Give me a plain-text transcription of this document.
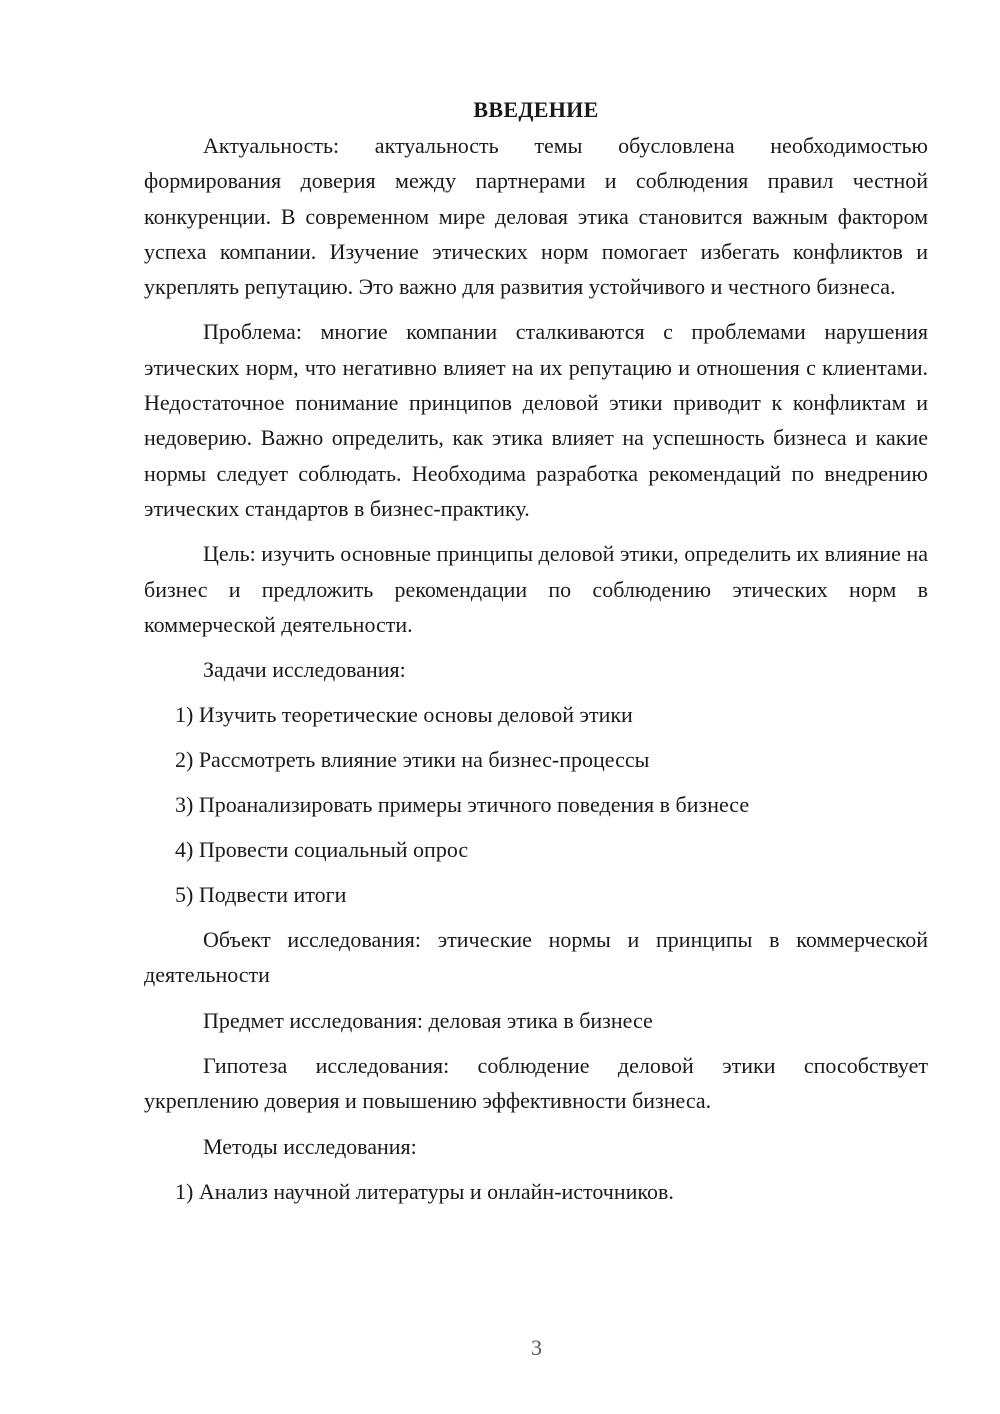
ВВЕДЕНИЕ

Актуальность: актуальность темы обусловлена необходимостью формирования доверия между партнерами и соблюдения правил честной конкуренции. В современном мире деловая этика становится важным фактором успеха компании. Изучение этических норм помогает избегать конфликтов и укреплять репутацию. Это важно для развития устойчивого и честного бизнеса.

Проблема: многие компании сталкиваются с проблемами нарушения этических норм, что негативно влияет на их репутацию и отношения с клиентами. Недостаточное понимание принципов деловой этики приводит к конфликтам и недоверию. Важно определить, как этика влияет на успешность бизнеса и какие нормы следует соблюдать. Необходима разработка рекомендаций по внедрению этических стандартов в бизнес-практику.

Цель: изучить основные принципы деловой этики, определить их влияние на бизнес и предложить рекомендации по соблюдению этических норм в коммерческой деятельности.

Задачи исследования:

1) Изучить теоретические основы деловой этики

2) Рассмотреть влияние этики на бизнес-процессы

3) Проанализировать примеры этичного поведения в бизнесе

4) Провести социальный опрос

5) Подвести итоги

Объект исследования: этические нормы и принципы в коммерческой деятельности

Предмет исследования: деловая этика в бизнесе

Гипотеза исследования: соблюдение деловой этики способствует укреплению доверия и повышению эффективности бизнеса.

Методы исследования:

1) Анализ научной литературы и онлайн-источников.

3
